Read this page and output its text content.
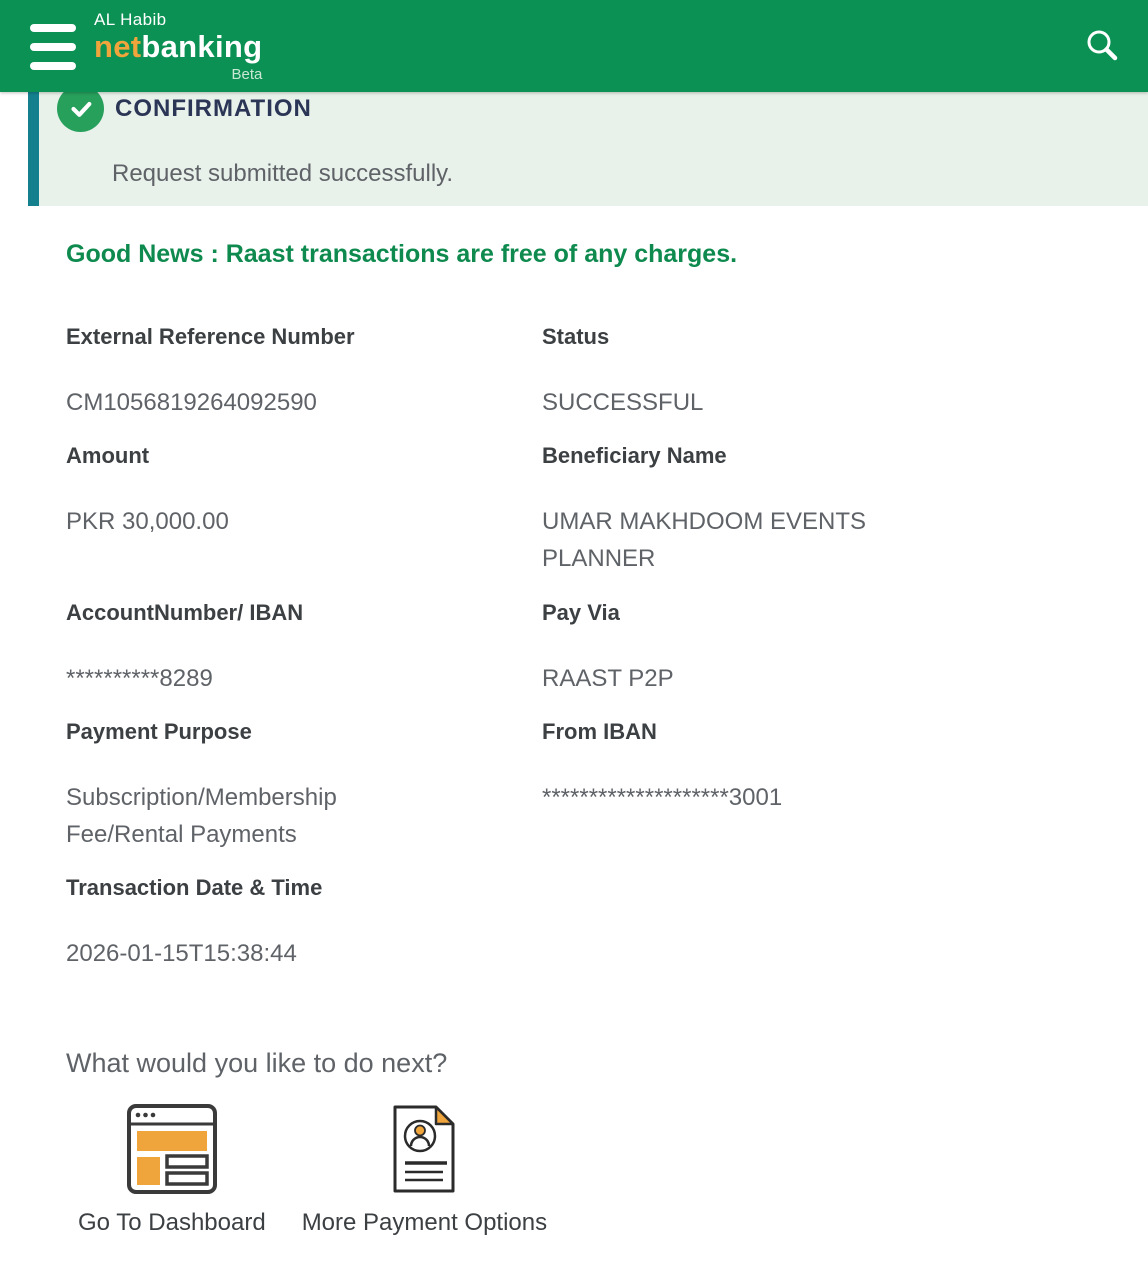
AL Habib
netbanking
Beta
CONFIRMATION
Request submitted successfully.
Good News : Raast transactions are free of any charges.
External Reference Number
CM1056819264092590
Status
SUCCESSFUL
Amount
PKR 30,000.00
Beneficiary Name
UMAR MAKHDOOM EVENTS PLANNER
AccountNumber/ IBAN
**********8289
Pay Via
RAAST P2P
Payment Purpose
Subscription/Membership Fee/Rental Payments
From IBAN
********************3001
Transaction Date & Time
2026-01-15T15:38:44
What would you like to do next?
Go To Dashboard More Payment Options
